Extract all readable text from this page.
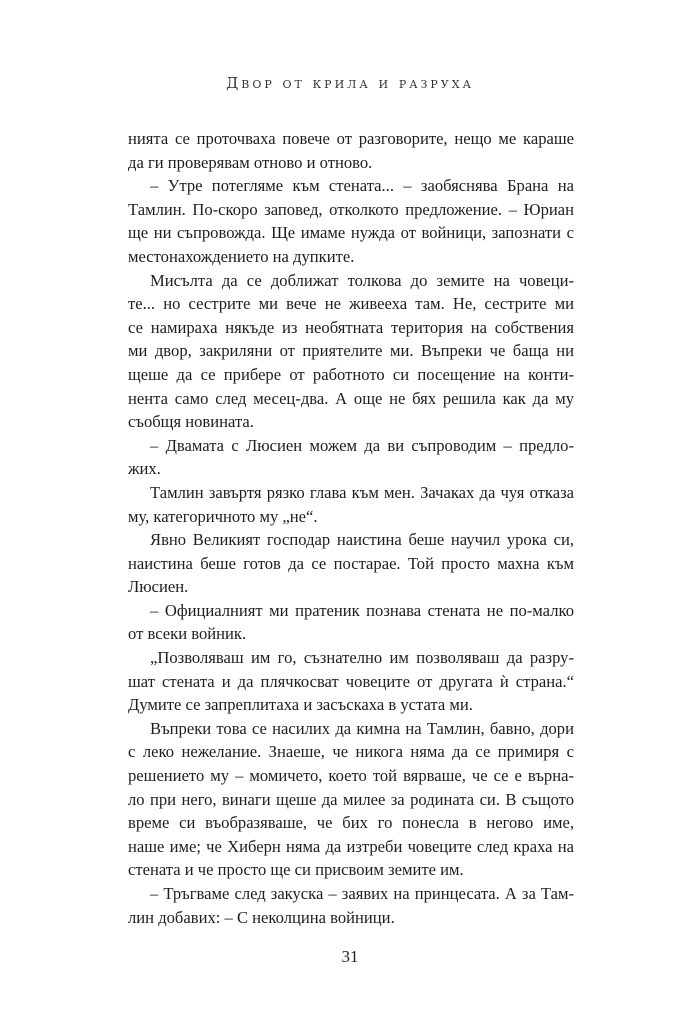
Двор от крила и разруха
нията се проточваха повече от разговорите, нещо ме караше
да ги проверявам отново и отново.
– Утре потегляме към стената... – заобяснява Брана на
Тамлин. По-скоро заповед, отколкото предложение. – Юриан
ще ни съпровожда. Ще имаме нужда от войници, запознати с
местонахождението на дупките.
Мисълта да се доближат толкова до земите на човеци-
те... но сестрите ми вече не живееха там. Не, сестрите ми
се намираха някъде из необятната територия на собствения
ми двор, закриляни от приятелите ми. Въпреки че баща ни
щеше да се прибере от работното си посещение на конти-
нента само след месец-два. А още не бях решила как да му
съобщя новината.
– Двамата с Люсиен можем да ви съпроводим – предло-
жих.
Тамлин завъртя рязко глава към мен. Зачаках да чуя отказа
му, категоричното му „не“.
Явно Великият господар наистина беше научил урока си,
наистина беше готов да се постарае. Той просто махна към
Люсиен.
– Официалният ми пратеник познава стената не по-малко
от всеки войник.
„Позволяваш им го, съзнателно им позволяваш да разру-
шат стената и да плячкосват човеците от другата ѝ страна.“
Думите се запреплитаха и засъскаха в устата ми.
Въпреки това се насилих да кимна на Тамлин, бавно, дори
с леко нежелание. Знаеше, че никога няма да се примиря с
решението му – момичето, което той вярваше, че се е върна-
ло при него, винаги щеше да милее за родината си. В същото
време си въобразяваше, че бих го понесла в негово име,
наше име; че Хиберн няма да изтреби човеците след краха на
стената и че просто ще си присвоим земите им.
– Тръгваме след закуска – заявих на принцесата. А за Там-
лин добавих: – С неколцина войници.
31
